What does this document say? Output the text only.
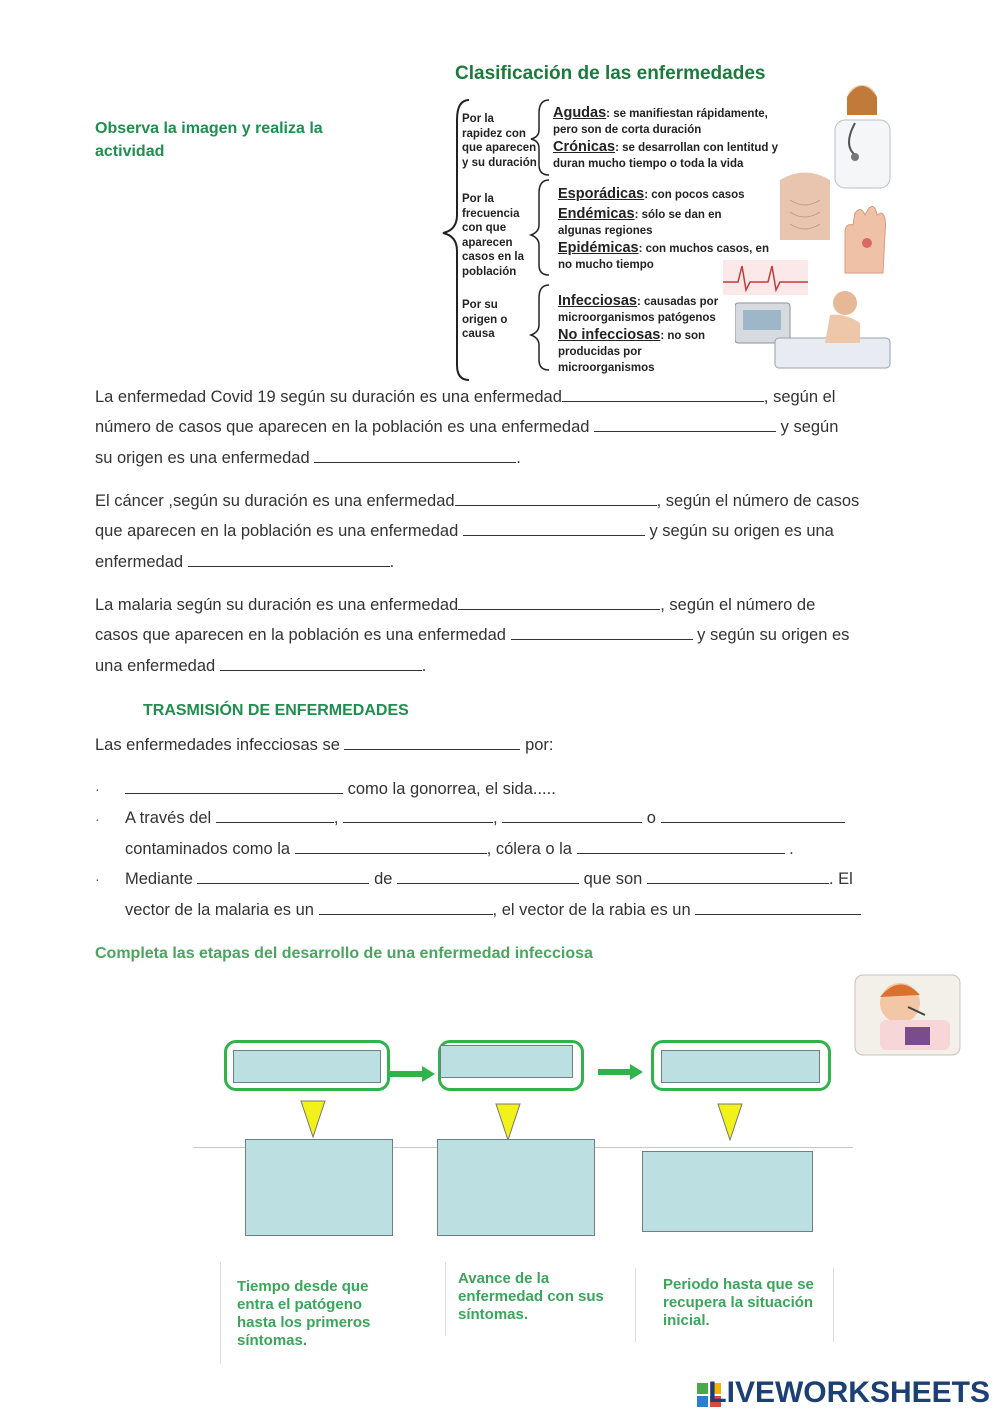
Observa la imagen y realiza la actividad
Clasificación de las enfermedades
Por la rapidez con que aparecen y su duración
Por la frecuencia con que aparecen casos en la población
Por su origen o causa
Agudas: se manifiestan rápidamente, pero son de corta duración
Crónicas: se desarrollan con lentitud y duran mucho tiempo o toda la vida
Esporádicas: con pocos casos
Endémicas: sólo se dan en algunas regiones
Epidémicas: con muchos casos, en no mucho tiempo
Infecciosas: causadas por microorganismos patógenos
No infecciosas: no son producidas por microorganismos
La enfermedad Covid 19 según su duración es una enfermedad	, según el
número de casos que aparecen en la población es una enfermedad	y según
su origen es una enfermedad	.
El cáncer ,según su duración es una enfermedad	, según el número de casos
que aparecen en la población es una enfermedad	y según su origen es una
enfermedad	.
La malaria según su duración es una enfermedad	, según el número de
casos que aparecen en la población es una enfermedad	y según su origen es
una enfermedad	.
TRASMISIÓN DE ENFERMEDADES
Las enfermedades infecciosas se	por:
·	como la gonorrea, el sida.....
· A través del	,	,	o
contaminados como la	, cólera o la	.
· Mediante	de	que son	. El
vector de la malaria es un	, el vector de la rabia es un
Completa las etapas del desarrollo de una enfermedad infecciosa
Tiempo desde que entra el patógeno hasta los primeros síntomas.
Avance de la enfermedad con sus síntomas.
Periodo hasta que se recupera la situación inicial.
LIVEWORKSHEETS
